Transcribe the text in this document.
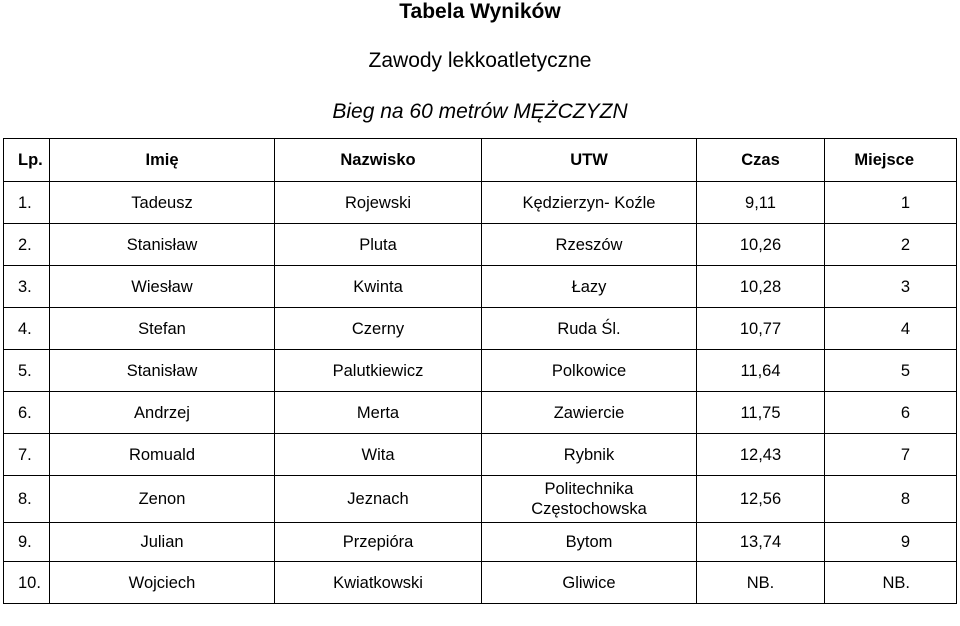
Tabela Wyników
Zawody lekkoatletyczne
Bieg na 60 metrów MĘŻCZYZN
Lp.	Imię	Nazwisko	UTW	Czas	Miejsce
1.	Tadeusz	Rojewski	Kędzierzyn- Koźle	9,11	1
2.	Stanisław	Pluta	Rzeszów	10,26	2
3.	Wiesław	Kwinta	Łazy	10,28	3
4.	Stefan	Czerny	Ruda Śl.	10,77	4
5.	Stanisław	Palutkiewicz	Polkowice	11,64	5
6.	Andrzej	Merta	Zawiercie	11,75	6
7.	Romuald	Wita	Rybnik	12,43	7
8.	Zenon	Jeznach	Politechnika Częstochowska	12,56	8
9.	Julian	Przepióra	Bytom	13,74	9
10.	Wojciech	Kwiatkowski	Gliwice	NB.	NB.
